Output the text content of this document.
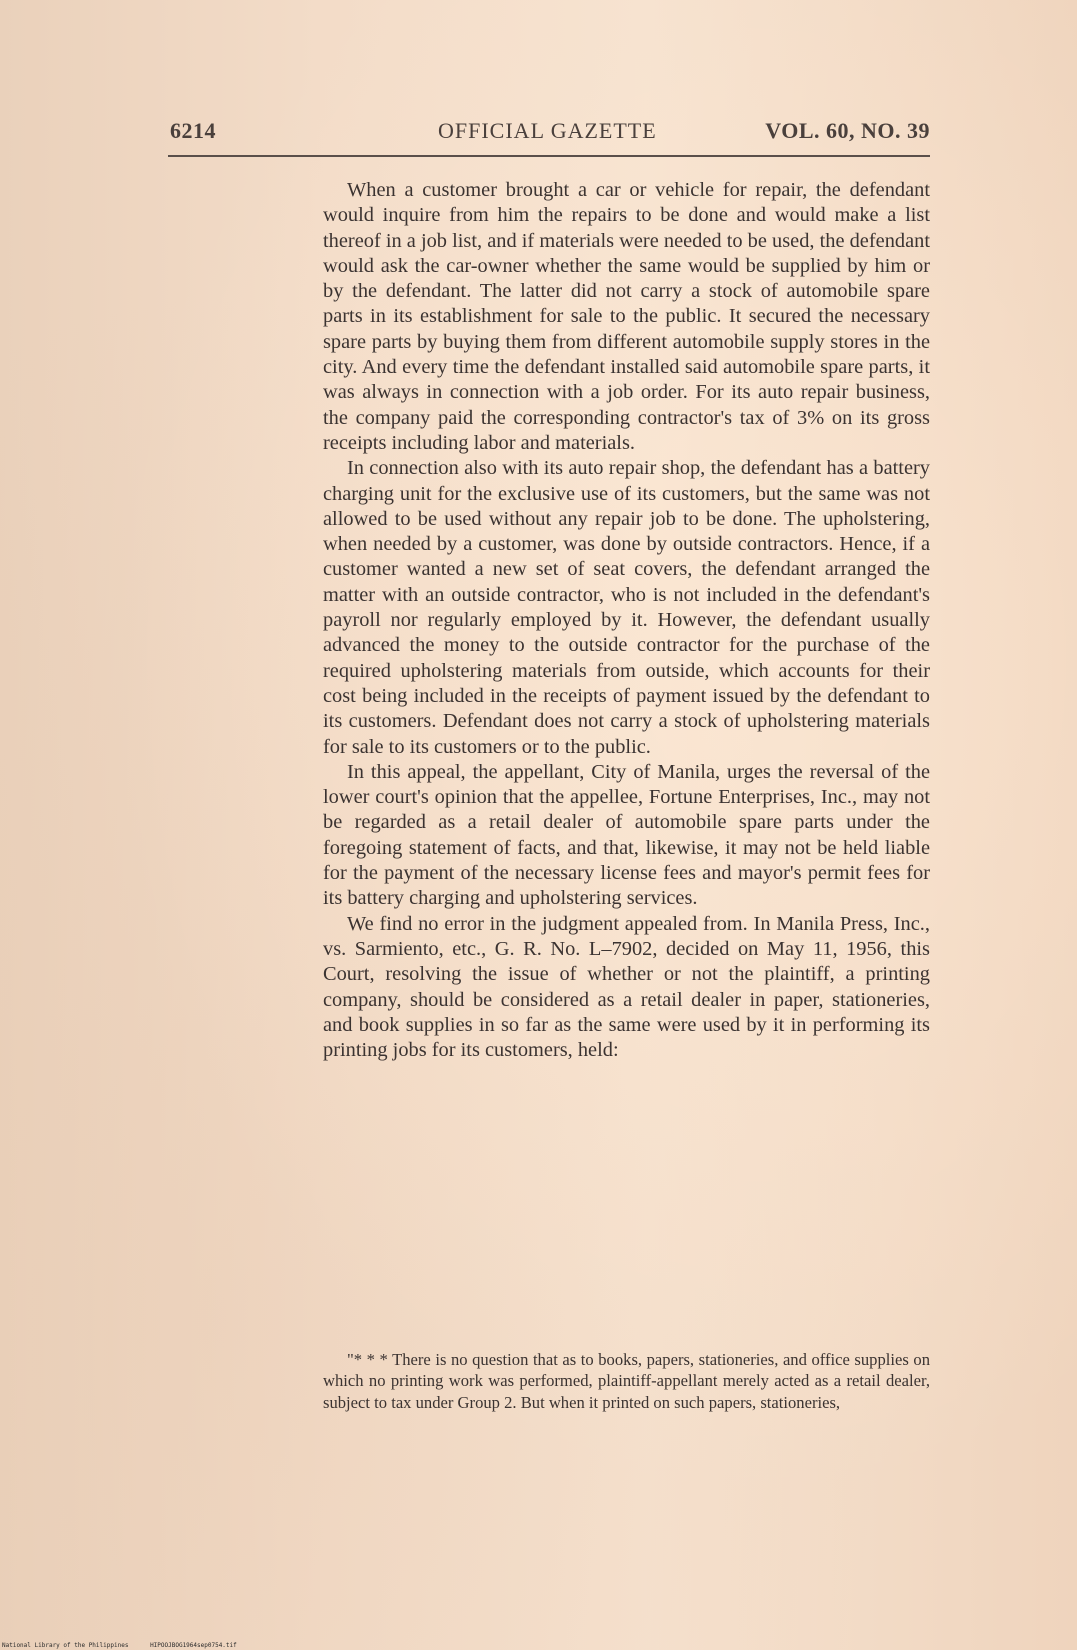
6214	OFFICIAL GAZETTE	VOL. 60, NO. 39

When a customer brought a car or vehicle for repair, the defendant would inquire from him the repairs to be done and would make a list thereof in a job list, and if materials were needed to be used, the defendant would ask the car-owner whether the same would be supplied by him or by the defendant. The latter did not carry a stock of automobile spare parts in its establishment for sale to the public. It secured the necessary spare parts by buying them from different automobile supply stores in the city. And every time the defendant installed said automobile spare parts, it was always in connection with a job order. For its auto repair business, the company paid the corresponding contractor's tax of 3% on its gross receipts including labor and materials.

In connection also with its auto repair shop, the defendant has a battery charging unit for the exclusive use of its customers, but the same was not allowed to be used without any repair job to be done. The upholstering, when needed by a customer, was done by outside contractors. Hence, if a customer wanted a new set of seat covers, the defendant arranged the matter with an outside contractor, who is not included in the defendant's payroll nor regularly employed by it. However, the defendant usually advanced the money to the outside contractor for the purchase of the required upholstering materials from outside, which accounts for their cost being included in the receipts of payment issued by the defendant to its customers. Defendant does not carry a stock of upholstering materials for sale to its customers or to the public.

In this appeal, the appellant, City of Manila, urges the reversal of the lower court's opinion that the appellee, Fortune Enterprises, Inc., may not be regarded as a retail dealer of automobile spare parts under the foregoing statement of facts, and that, likewise, it may not be held liable for the payment of the necessary license fees and mayor's permit fees for its battery charging and upholstering services.

We find no error in the judgment appealed from. In Manila Press, Inc., vs. Sarmiento, etc., G. R. No. L–7902, decided on May 11, 1956, this Court, resolving the issue of whether or not the plaintiff, a printing company, should be considered as a retail dealer in paper, stationeries, and book supplies in so far as the same were used by it in performing its printing jobs for its customers, held:

"* * * There is no question that as to books, papers, stationeries, and office supplies on which no printing work was performed, plaintiff-appellant merely acted as a retail dealer, subject to tax under Group 2. But when it printed on such papers, stationeries,

National Library of the Philippines	HIPOOJBOG1964sep0754.tif
